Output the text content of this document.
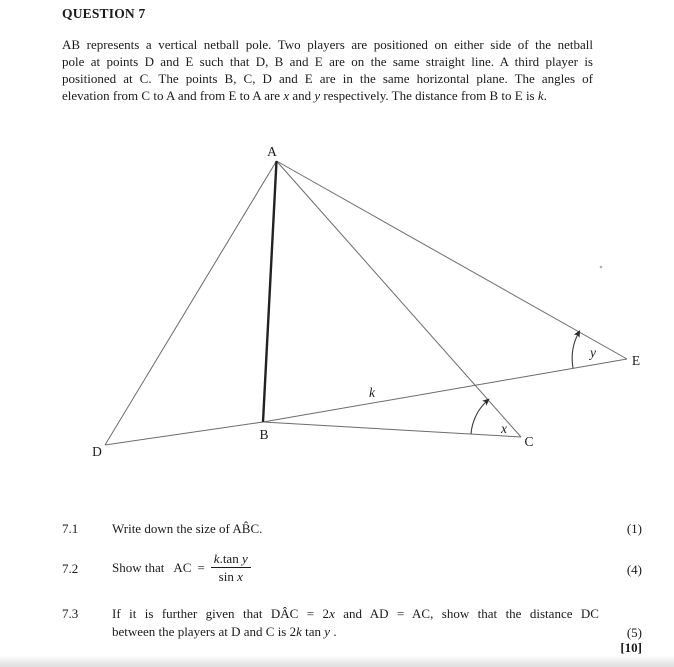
QUESTION 7
AB represents a vertical netball pole. Two players are positioned on either side of the netball
pole at points D and E such that D, B and E are on the same straight line. A third player is
positioned at C. The points B, C, D and E are in the same horizontal plane. The angles of
elevation from C to A and from E to A are x and y respectively. The distance from B to E is k.
A
B	C
D
E
k
x
y
7.1	Write down the size of AB̂C.	(1)
7.2	Show that AC = $\frac{\text{k.tan y}}{\text{sin x}}$	(4)
7.3	If it is further given that DÂC = 2x and AD = AC, show that the distance DC
between the players at D and C is 2k tan y .	(5)
[10]
